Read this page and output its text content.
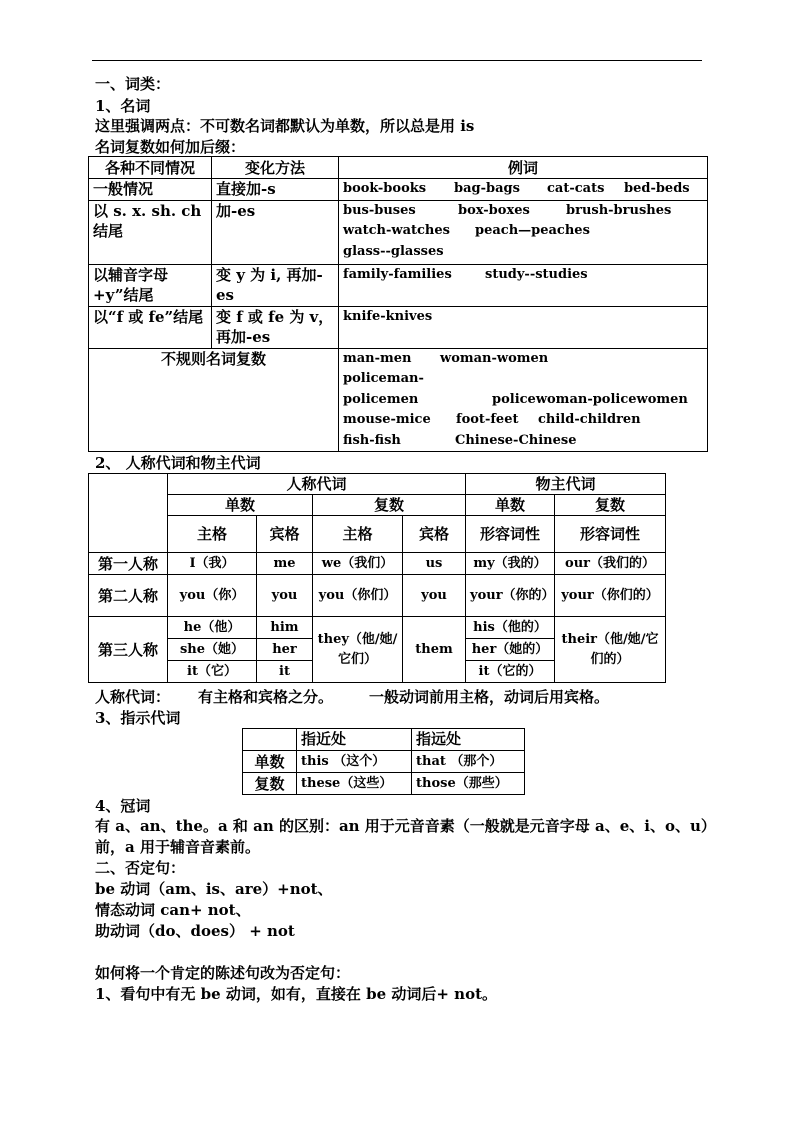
一、词类：
1、名词
这里强调两点：不可数名词都默认为单数，所以总是用 is
名词复数如何加后缀：
各种不同情况	变化方法	例词
一般情况	直接加-s	book-books bag-bags cat-cats bed-beds
以 s. x. sh. ch 结尾	加-es	bus-buses box-boxes brush-brushes
watch-watches peach—peaches
glass--glasses
以辅音字母+y”结尾	变 y 为 i, 再加-es	family-families study--studies
以“f 或 fe”结尾	变 f 或 fe 为 v，再加-es	knife-knives
不规则名词复数		man-men woman-women
policeman-policemen policewoman-policewomen
mouse-mice foot-feet child-children
fish-fish Chinese-Chinese
2、 人称代词和物主代词
	人称代词				物主代词	
	单数		复数		单数	复数
	主格	宾格	主格	宾格	形容词性	形容词性
第一人称	I（我）	me	we（我们）	us	my（我的）	our（我们的）
第二人称	you（你）	you	you（你们）	you	your（你的）	your（你们的）
第三人称	he（他）	him	they（他/她/它们）	them	his（他的）	their（他/她/它们的）
	she（她）	her			her（她的）	
	it（它）	it			it（它的）	
人称代词： 有主格和宾格之分。 一般动词前用主格，动词后用宾格。
3、指示代词
	指近处	指远处
单数	this （这个）	that （那个）
复数	these（这些）	those（那些）
4、冠词
有 a、an、the。a 和 an 的区别：an 用于元音音素（一般就是元音字母 a、e、i、o、u）
前，a 用于辅音音素前。
二、否定句：
be 动词（am、is、are）+not、
情态动词 can+ not、
助动词（do、does） + not
如何将一个肯定的陈述句改为否定句：
1、看句中有无 be 动词，如有，直接在 be 动词后+ not。
